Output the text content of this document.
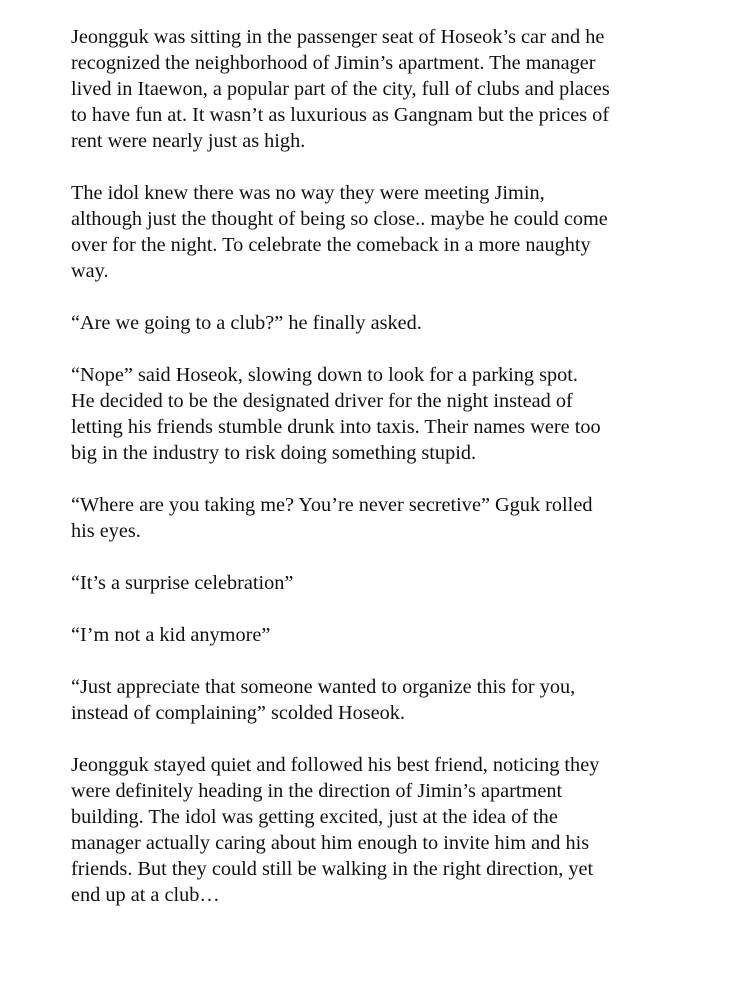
Jeongguk was sitting in the passenger seat of Hoseok’s car and he
recognized the neighborhood of Jimin’s apartment. The manager
lived in Itaewon, a popular part of the city, full of clubs and places
to have fun at. It wasn’t as luxurious as Gangnam but the prices of
rent were nearly just as high.

The idol knew there was no way they were meeting Jimin,
although just the thought of being so close.. maybe he could come
over for the night. To celebrate the comeback in a more naughty
way.

“Are we going to a club?” he finally asked.

“Nope” said Hoseok, slowing down to look for a parking spot.
He decided to be the designated driver for the night instead of
letting his friends stumble drunk into taxis. Their names were too
big in the industry to risk doing something stupid.

“Where are you taking me? You’re never secretive” Gguk rolled
his eyes.

“It’s a surprise celebration”

“I’m not a kid anymore”

“Just appreciate that someone wanted to organize this for you,
instead of complaining” scolded Hoseok.

Jeongguk stayed quiet and followed his best friend, noticing they
were definitely heading in the direction of Jimin’s apartment
building. The idol was getting excited, just at the idea of the
manager actually caring about him enough to invite him and his
friends. But they could still be walking in the right direction, yet
end up at a club…
